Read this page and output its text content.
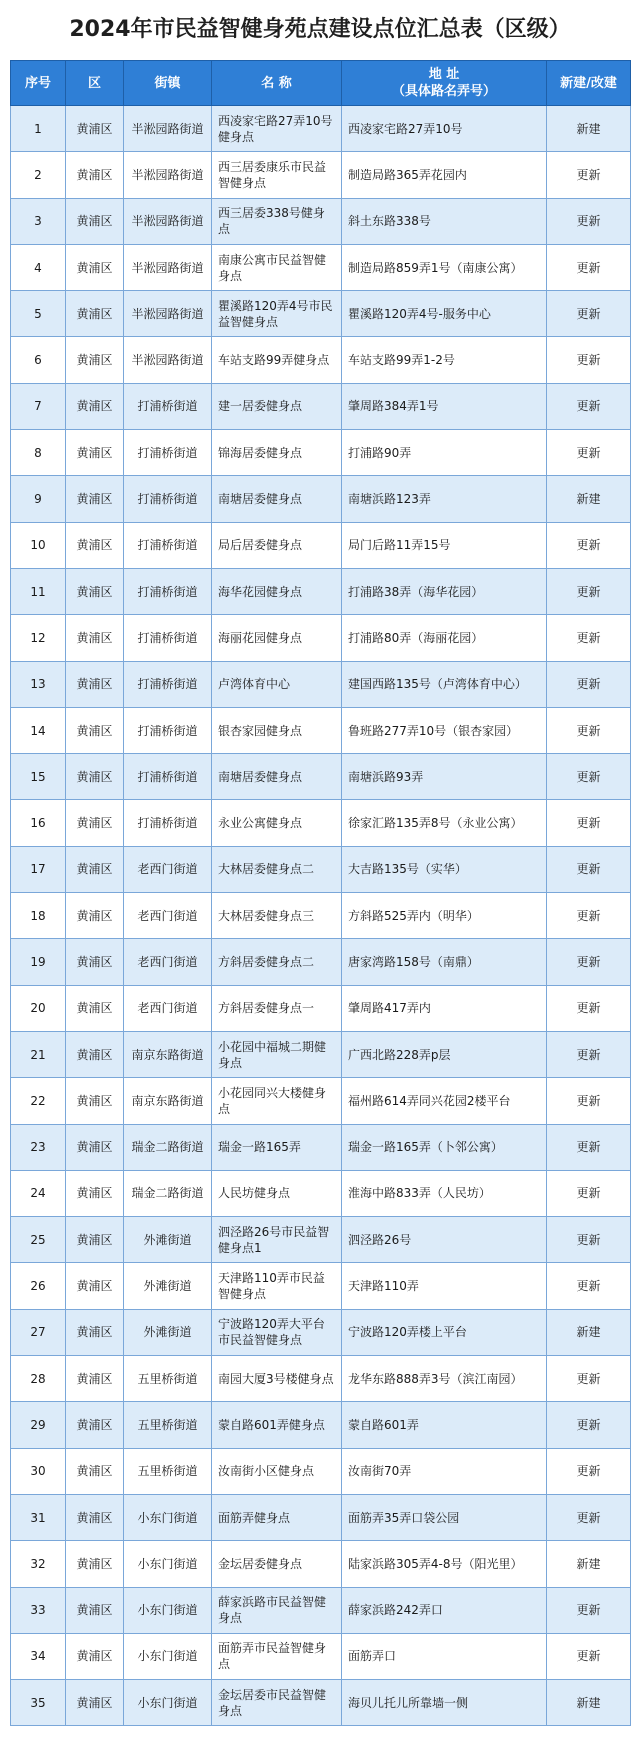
2024年市民益智健身苑点建设点位汇总表（区级）
序号	区	街镇	名 称	地 址
（具体路名弄号）	新建/改建
1	黄浦区	半淞园路街道	西凌家宅路27弄10号健身点	西凌家宅路27弄10号	新建
2	黄浦区	半淞园路街道	西三居委康乐市民益智健身点	制造局路365弄花园内	更新
3	黄浦区	半淞园路街道	西三居委338号健身点	斜土东路338号	更新
4	黄浦区	半淞园路街道	南康公寓市民益智健身点	制造局路859弄1号（南康公寓）	更新
5	黄浦区	半淞园路街道	瞿溪路120弄4号市民益智健身点	瞿溪路120弄4号-服务中心	更新
6	黄浦区	半淞园路街道	车站支路99弄健身点	车站支路99弄1-2号	更新
7	黄浦区	打浦桥街道	建一居委健身点	肇周路384弄1号	更新
8	黄浦区	打浦桥街道	锦海居委健身点	打浦路90弄	更新
9	黄浦区	打浦桥街道	南塘居委健身点	南塘浜路123弄	新建
10	黄浦区	打浦桥街道	局后居委健身点	局门后路11弄15号	更新
11	黄浦区	打浦桥街道	海华花园健身点	打浦路38弄（海华花园）	更新
12	黄浦区	打浦桥街道	海丽花园健身点	打浦路80弄（海丽花园）	更新
13	黄浦区	打浦桥街道	卢湾体育中心	建国西路135号（卢湾体育中心）	更新
14	黄浦区	打浦桥街道	银杏家园健身点	鲁班路277弄10号（银杏家园）	更新
15	黄浦区	打浦桥街道	南塘居委健身点	南塘浜路93弄	更新
16	黄浦区	打浦桥街道	永业公寓健身点	徐家汇路135弄8号（永业公寓）	更新
17	黄浦区	老西门街道	大林居委健身点二	大吉路135号（实华）	更新
18	黄浦区	老西门街道	大林居委健身点三	方斜路525弄内（明华）	更新
19	黄浦区	老西门街道	方斜居委健身点二	唐家湾路158号（南鼎）	更新
20	黄浦区	老西门街道	方斜居委健身点一	肇周路417弄内	更新
21	黄浦区	南京东路街道	小花园中福城二期健身点	广西北路228弄p层	更新
22	黄浦区	南京东路街道	小花园同兴大楼健身点	福州路614弄同兴花园2楼平台	更新
23	黄浦区	瑞金二路街道	瑞金一路165弄	瑞金一路165弄（卜邻公寓）	更新
24	黄浦区	瑞金二路街道	人民坊健身点	淮海中路833弄（人民坊）	更新
25	黄浦区	外滩街道	泗泾路26号市民益智健身点1	泗泾路26号	更新
26	黄浦区	外滩街道	天津路110弄市民益智健身点	天津路110弄	更新
27	黄浦区	外滩街道	宁波路120弄大平台市民益智健身点	宁波路120弄楼上平台	新建
28	黄浦区	五里桥街道	南园大厦3号楼健身点	龙华东路888弄3号（滨江南园）	更新
29	黄浦区	五里桥街道	蒙自路601弄健身点	蒙自路601弄	更新
30	黄浦区	五里桥街道	汝南街小区健身点	汝南街70弄	更新
31	黄浦区	小东门街道	面筋弄健身点	面筋弄35弄口袋公园	更新
32	黄浦区	小东门街道	金坛居委健身点	陆家浜路305弄4-8号（阳光里）	新建
33	黄浦区	小东门街道	薛家浜路市民益智健身点	薛家浜路242弄口	更新
34	黄浦区	小东门街道	面筋弄市民益智健身点	面筋弄口	更新
35	黄浦区	小东门街道	金坛居委市民益智健身点	海贝儿托儿所靠墙一侧	新建
